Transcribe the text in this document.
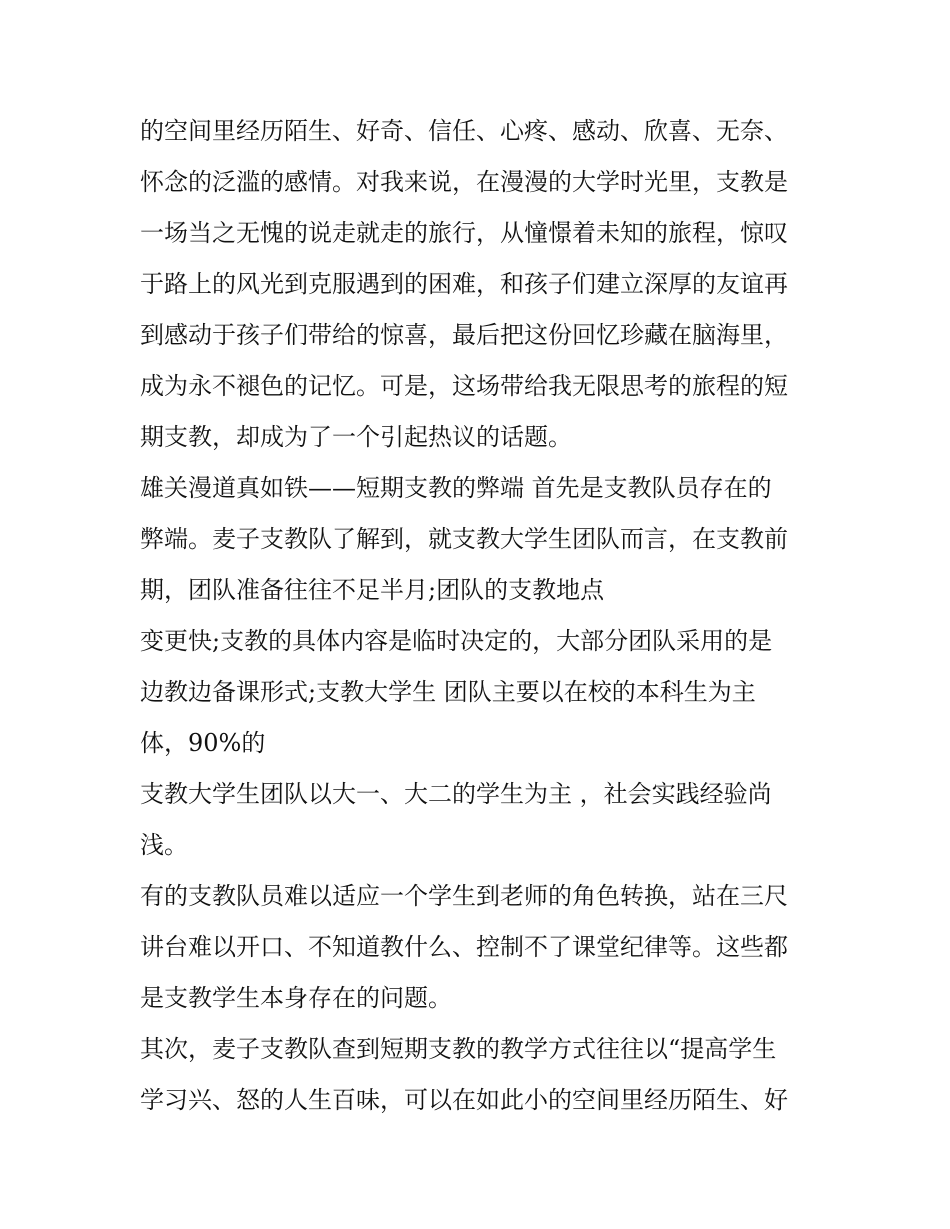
的空间里经历陌生、好奇、信任、心疼、感动、欣喜、无奈、
怀念的泛滥的感情。对我来说，在漫漫的大学时光里，支教是
一场当之无愧的说走就走的旅行，从憧憬着未知的旅程，惊叹
于路上的风光到克服遇到的困难，和孩子们建立深厚的友谊再
到感动于孩子们带给的惊喜，最后把这份回忆珍藏在脑海里，
成为永不褪色的记忆。可是，这场带给我无限思考的旅程的短
期支教，却成为了一个引起热议的话题。
雄关漫道真如铁——短期支教的弊端 首先是支教队员存在的
弊端。麦子支教队了解到，就支教大学生团队而言，在支教前
期，团队准备往往不足半月;团队的支教地点
变更快;支教的具体内容是临时决定的，大部分团队采用的是
边教边备课形式;支教大学生 团队主要以在校的本科生为主
体，90%的
支教大学生团队以大一、大二的学生为主 ，社会实践经验尚
浅。
有的支教队员难以适应一个学生到老师的角色转换，站在三尺
讲台难以开口、不知道教什么、控制不了课堂纪律等。这些都
是支教学生本身存在的问题。
其次，麦子支教队查到短期支教的教学方式往往以“提高学生
学习兴、怒的人生百味，可以在如此小的空间里经历陌生、好
